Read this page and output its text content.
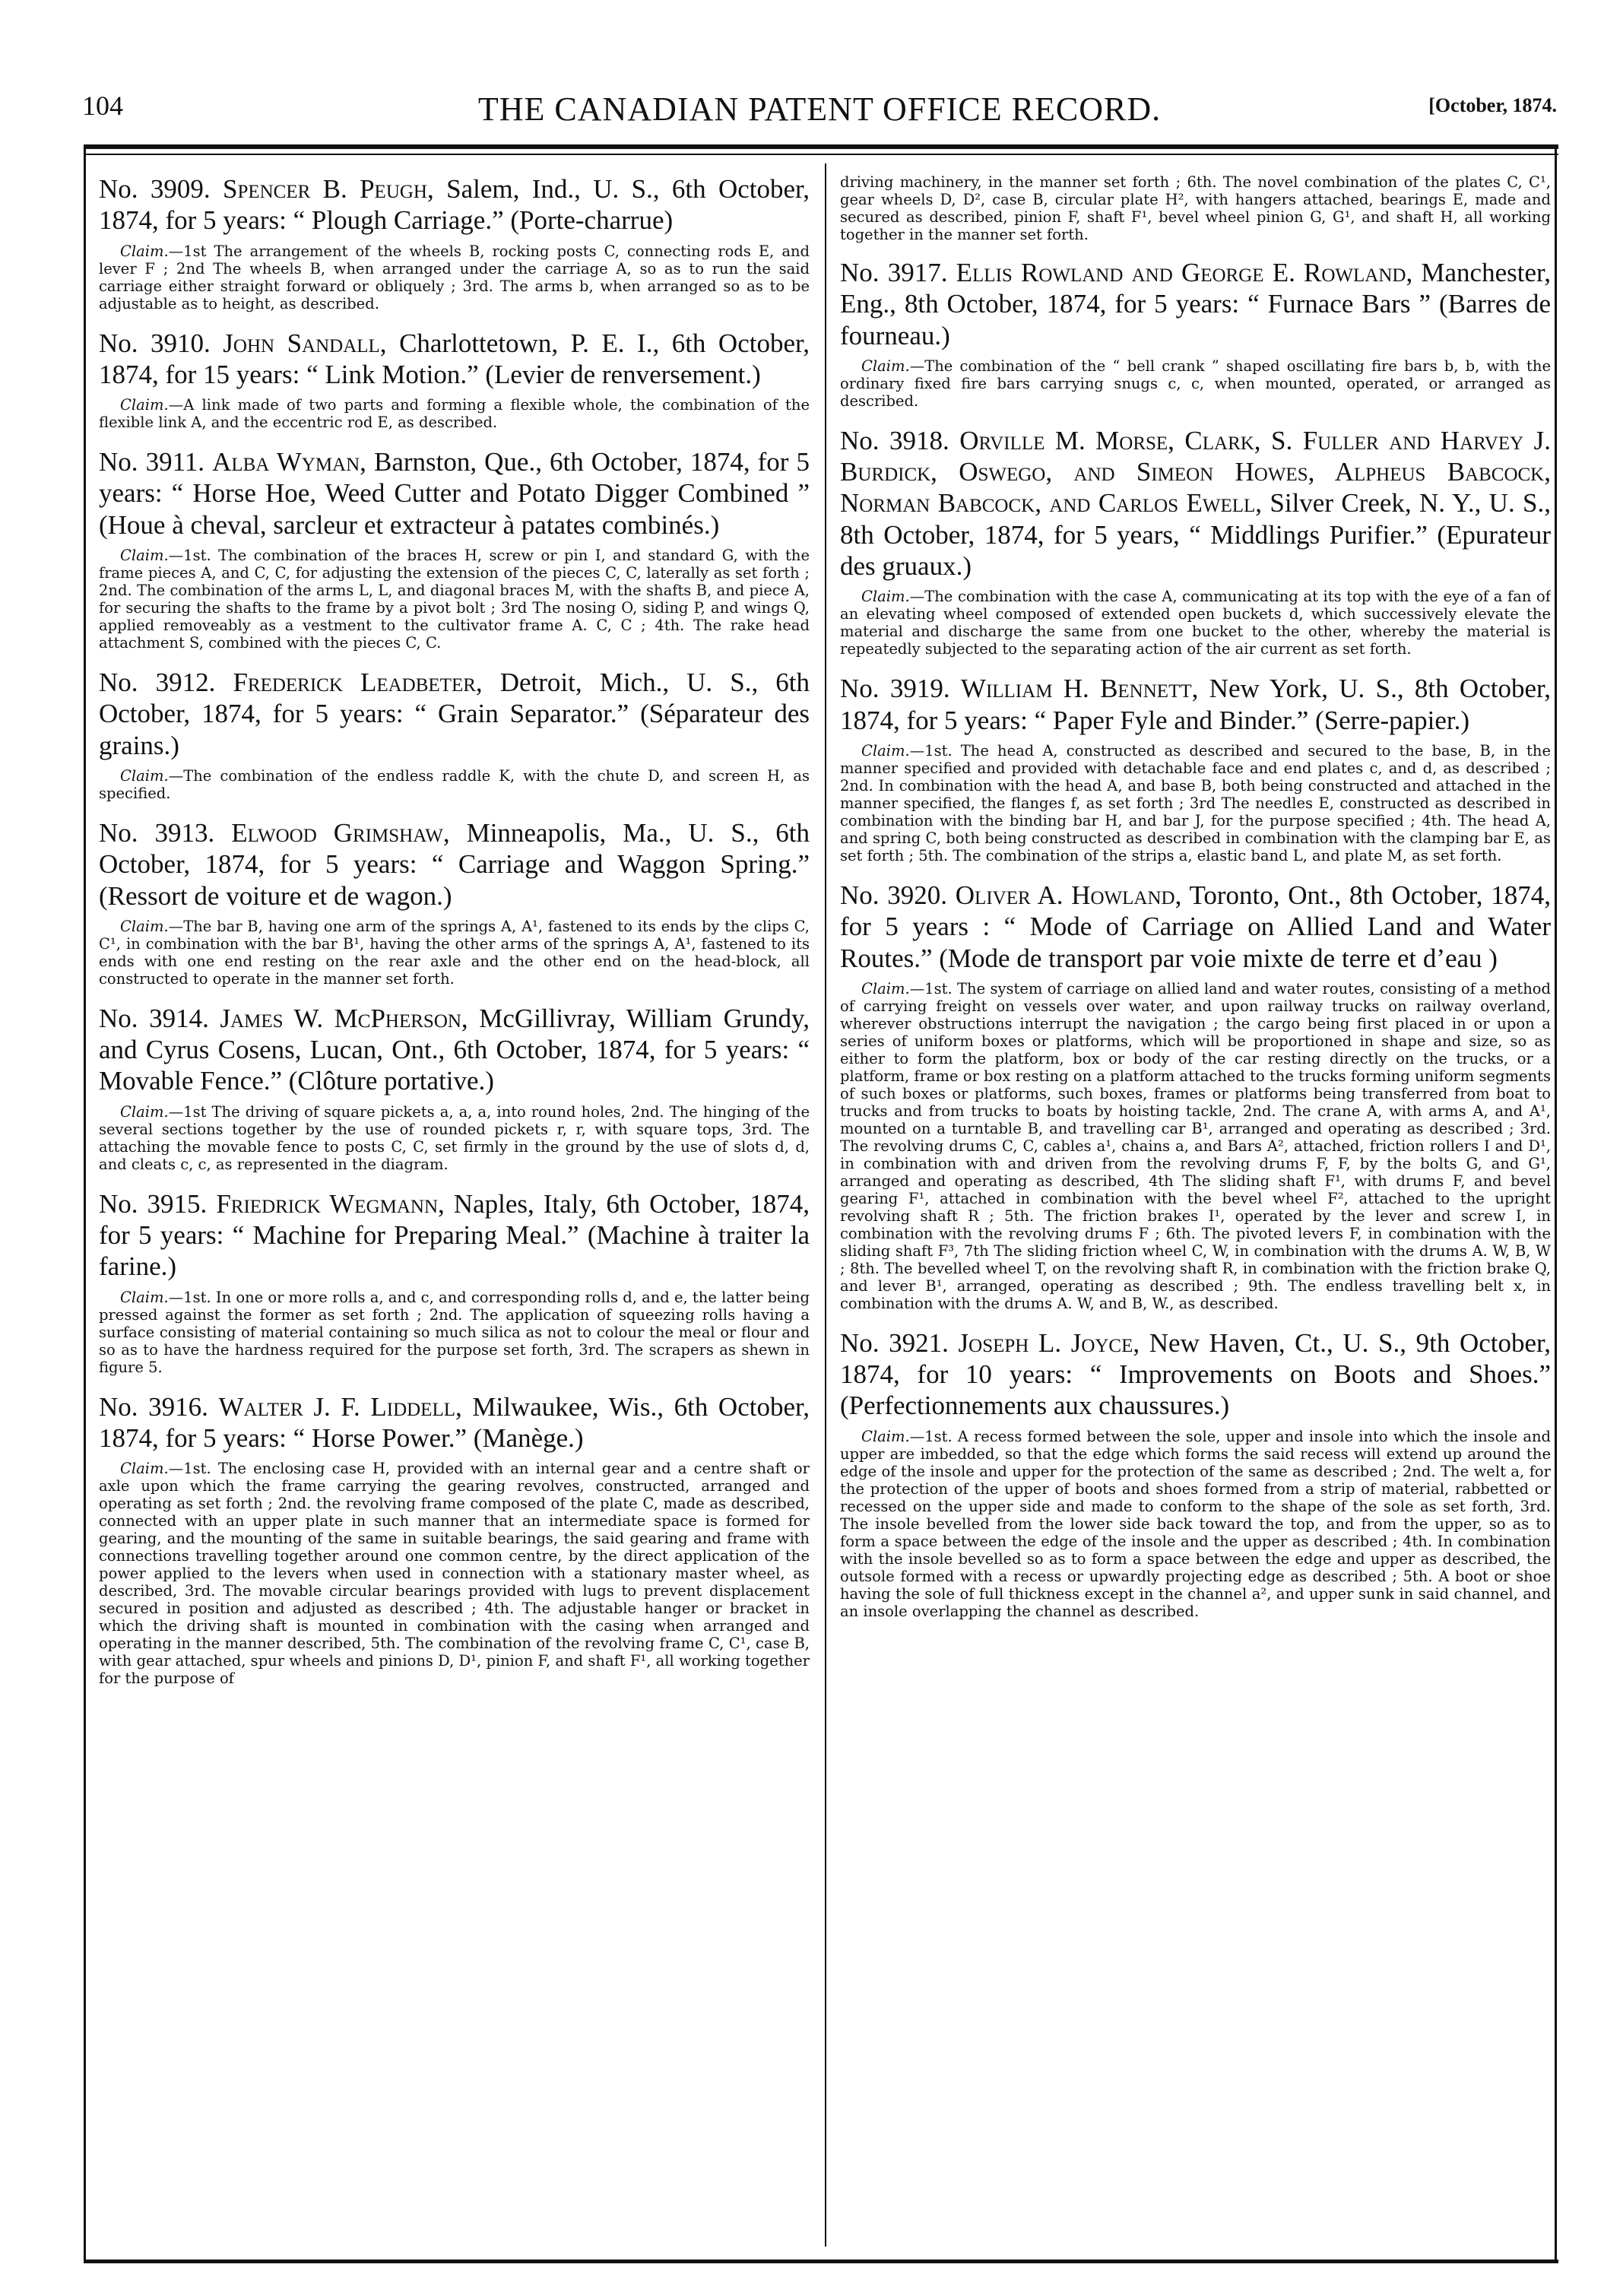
104	THE CANADIAN PATENT OFFICE RECORD.	[October, 1874.

No. 3909. Spencer B. Peugh, Salem, Ind., U. S., 6th October, 1874, for 5 years: “ Plough Carriage.” (Porte-charrue)

Claim.—1st The arrangement of the wheels B, rocking posts C, connecting rods E, and lever F ; 2nd The wheels B, when arranged under the carriage A, so as to run the said carriage either straight forward or obliquely ; 3rd. The arms b, when arranged so as to be adjustable as to height, as described.

No. 3910. John Sandall, Charlottetown, P. E. I., 6th October, 1874, for 15 years: “ Link Motion.” (Levier de renversement.)

Claim.—A link made of two parts and forming a flexible whole, the combination of the flexible link A, and the eccentric rod E, as described.

No. 3911. Alba Wyman, Barnston, Que., 6th October, 1874, for 5 years: “ Horse Hoe, Weed Cutter and Potato Digger Combined ” (Houe à cheval, sarcleur et extracteur à patates combinés.)

Claim.—1st. The combination of the braces H, screw or pin I, and standard G, with the frame pieces A, and C, C, for adjusting the extension of the pieces C, C, laterally as set forth ; 2nd. The combination of the arms L, L, and diagonal braces M, with the shafts B, and piece A, for securing the shafts to the frame by a pivot bolt ; 3rd The nosing O, siding P, and wings Q, applied removeably as a vestment to the cultivator frame A. C, C ; 4th. The rake head attachment S, combined with the pieces C, C.

No. 3912. Frederick Leadbeter, Detroit, Mich., U. S., 6th October, 1874, for 5 years: “ Grain Separator.” (Séparateur des grains.)

Claim.—The combination of the endless raddle K, with the chute D, and screen H, as specified.

No. 3913. Elwood Grimshaw, Minneapolis, Ma., U. S., 6th October, 1874, for 5 years: “ Carriage and Waggon Spring.” (Ressort de voiture et de wagon.)

Claim.—The bar B, having one arm of the springs A, A¹, fastened to its ends by the clips C, C¹, in combination with the bar B¹, having the other arms of the springs A, A¹, fastened to its ends with one end resting on the rear axle and the other end on the head-block, all constructed to operate in the manner set forth.

No. 3914. James W. McPherson, McGillivray, William Grundy, and Cyrus Cosens, Lucan, Ont., 6th October, 1874, for 5 years: “ Movable Fence.” (Clôture portative.)

Claim.—1st The driving of square pickets a, a, a, into round holes, 2nd. The hinging of the several sections together by the use of rounded pickets r, r, with square tops, 3rd. The attaching the movable fence to posts C, C, set firmly in the ground by the use of slots d, d, and cleats c, c, as represented in the diagram.

No. 3915. Friedrick Wegmann, Naples, Italy, 6th October, 1874, for 5 years: “ Machine for Preparing Meal.” (Machine à traiter la farine.)

Claim.—1st. In one or more rolls a, and c, and corresponding rolls d, and e, the latter being pressed against the former as set forth ; 2nd. The application of squeezing rolls having a surface consisting of material containing so much silica as not to colour the meal or flour and so as to have the hardness required for the purpose set forth, 3rd. The scrapers as shewn in figure 5.

No. 3916. Walter J. F. Liddell, Milwaukee, Wis., 6th October, 1874, for 5 years: “ Horse Power.” (Manège.)

Claim.—1st. The enclosing case H, provided with an internal gear and a centre shaft or axle upon which the frame carrying the gearing revolves, constructed, arranged and operating as set forth ; 2nd. the revolving frame composed of the plate C, made as described, connected with an upper plate in such manner that an intermediate space is formed for gearing, and the mounting of the same in suitable bearings, the said gearing and frame with connections travelling together around one common centre, by the direct application of the power applied to the levers when used in connection with a stationary master wheel, as described, 3rd. The movable circular bearings provided with lugs to prevent displacement secured in position and adjusted as described ; 4th. The adjustable hanger or bracket in which the driving shaft is mounted in combination with the casing when arranged and operating in the manner described, 5th. The combination of the revolving frame C, C¹, case B, with gear attached, spur wheels and pinions D, D¹, pinion F, and shaft F¹, all working together for the purpose of

driving machinery, in the manner set forth ; 6th. The novel combination of the plates C, C¹, gear wheels D, D², case B, circular plate H², with hangers attached, bearings E, made and secured as described, pinion F, shaft F¹, bevel wheel pinion G, G¹, and shaft H, all working together in the manner set forth.

No. 3917. Ellis Rowland and George E. Rowland, Manchester, Eng., 8th October, 1874, for 5 years: “ Furnace Bars ” (Barres de fourneau.)

Claim.—The combination of the “ bell crank ” shaped oscillating fire bars b, b, with the ordinary fixed fire bars carrying snugs c, c, when mounted, operated, or arranged as described.

No. 3918. Orville M. Morse, Clark, S. Fuller and Harvey J. Burdick, Oswego, and Simeon Howes, Alpheus Babcock, Norman Babcock, and Carlos Ewell, Silver Creek, N. Y., U. S., 8th October, 1874, for 5 years, “ Middlings Purifier.” (Epurateur des gruaux.)

Claim.—The combination with the case A, communicating at its top with the eye of a fan of an elevating wheel composed of extended open buckets d, which successively elevate the material and discharge the same from one bucket to the other, whereby the material is repeatedly subjected to the separating action of the air current as set forth.

No. 3919. William H. Bennett, New York, U. S., 8th October, 1874, for 5 years: “ Paper Fyle and Binder.” (Serre-papier.)

Claim.—1st. The head A, constructed as described and secured to the base, B, in the manner specified and provided with detachable face and end plates c, and d, as described ; 2nd. In combination with the head A, and base B, both being constructed and attached in the manner specified, the flanges f, as set forth ; 3rd The needles E, constructed as described in combination with the binding bar H, and bar J, for the purpose specified ; 4th. The head A, and spring C, both being constructed as described in combination with the clamping bar E, as set forth ; 5th. The combination of the strips a, elastic band L, and plate M, as set forth.

No. 3920. Oliver A. Howland, Toronto, Ont., 8th October, 1874, for 5 years : “ Mode of Carriage on Allied Land and Water Routes.” (Mode de transport par voie mixte de terre et d’eau )

Claim.—1st. The system of carriage on allied land and water routes, consisting of a method of carrying freight on vessels over water, and upon railway trucks on railway overland, wherever obstructions interrupt the navigation ; the cargo being first placed in or upon a series of uniform boxes or platforms, which will be proportioned in shape and size, so as either to form the platform, box or body of the car resting directly on the trucks, or a platform, frame or box resting on a platform attached to the trucks forming uniform segments of such boxes or platforms, such boxes, frames or platforms being transferred from boat to trucks and from trucks to boats by hoisting tackle, 2nd. The crane A, with arms A, and A¹, mounted on a turntable B, and travelling car B¹, arranged and operating as described ; 3rd. The revolving drums C, C, cables a¹, chains a, and Bars A², attached, friction rollers I and D¹, in combination with and driven from the revolving drums F, F, by the bolts G, and G¹, arranged and operating as described, 4th The sliding shaft F¹, with drums F, and bevel gearing F¹, attached in combination with the bevel wheel F², attached to the upright revolving shaft R ; 5th. The friction brakes I¹, operated by the lever and screw I, in combination with the revolving drums F ; 6th. The pivoted levers F, in combination with the sliding shaft F³, 7th The sliding friction wheel C, W, in combination with the drums A. W, B, W ; 8th. The bevelled wheel T, on the revolving shaft R, in combination with the friction brake Q, and lever B¹, arranged, operating as described ; 9th. The endless travelling belt x, in combination with the drums A. W, and B, W., as described.

No. 3921. Joseph L. Joyce, New Haven, Ct., U. S., 9th October, 1874, for 10 years: “ Improvements on Boots and Shoes.” (Perfectionnements aux chaussures.)

Claim.—1st. A recess formed between the sole, upper and insole into which the insole and upper are imbedded, so that the edge which forms the said recess will extend up around the edge of the insole and upper for the protection of the same as described ; 2nd. The welt a, for the protection of the upper of boots and shoes formed from a strip of material, rabbetted or recessed on the upper side and made to conform to the shape of the sole as set forth, 3rd. The insole bevelled from the lower side back toward the top, and from the upper, so as to form a space between the edge of the insole and the upper as described ; 4th. In combination with the insole bevelled so as to form a space between the edge and upper as described, the outsole formed with a recess or upwardly projecting edge as described ; 5th. A boot or shoe having the sole of full thickness except in the channel a², and upper sunk in said channel, and an insole overlapping the channel as described.
